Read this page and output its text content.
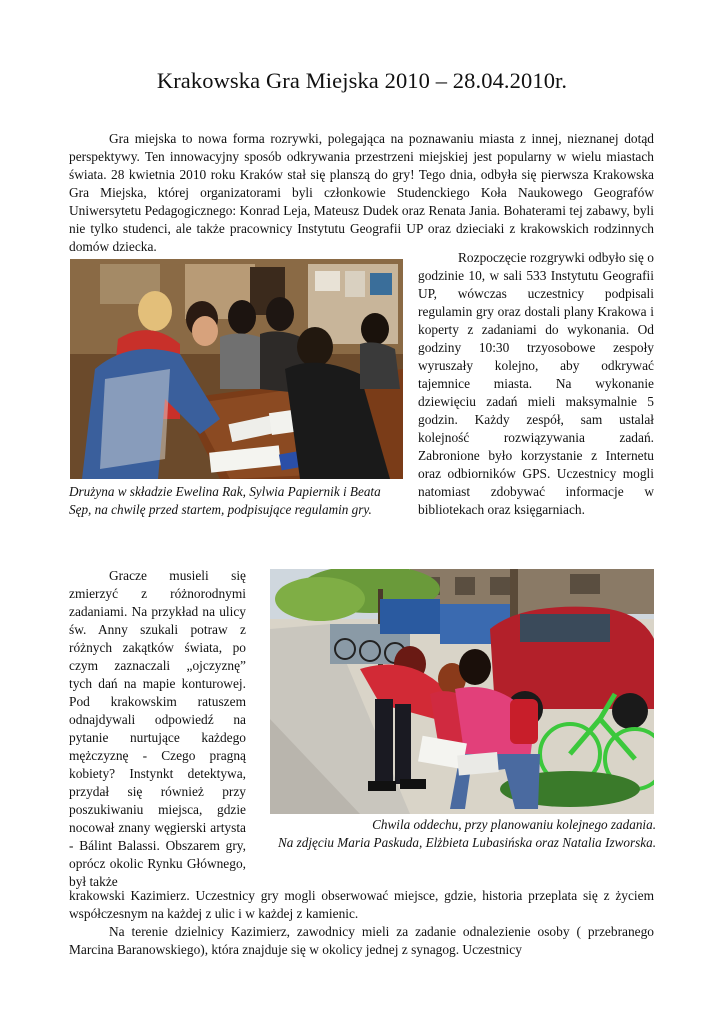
Krakowska Gra Miejska 2010 – 28.04.2010r.

Gra miejska to nowa forma rozrywki, polegająca na poznawaniu miasta z innej, nieznanej dotąd perspektywy. Ten innowacyjny sposób odkrywania przestrzeni miejskiej jest popularny w wielu miastach świata. 28 kwietnia 2010 roku Kraków stał się planszą do gry! Tego dnia, odbyła się pierwsza Krakowska Gra Miejska, której organizatorami byli członkowie Studenckiego Koła Naukowego Geografów Uniwersytetu Pedagogicznego: Konrad Leja, Mateusz Dudek oraz Renata Jania. Bohaterami tej zabawy, byli nie tylko studenci, ale także pracownicy Instytutu Geografii UP oraz dzieciaki z krakowskich rodzinnych domów dziecka.

Rozpoczęcie rozgrywki odbyło się o godzinie 10, w sali 533 Instytutu Geografii UP, wówczas uczestnicy podpisali regulamin gry oraz dostali plany Krakowa i koperty z zadaniami do wykonania. Od godziny 10:30 trzyosobowe zespoły wyruszały kolejno, aby odkrywać tajemnice miasta. Na wykonanie dziewięciu zadań mieli maksymalnie 5 godzin. Każdy zespół, sam ustalał kolejność rozwiązywania zadań. Zabronione było korzystanie z Internetu oraz odbiorników GPS. Uczestnicy mogli natomiast zdobywać informacje w bibliotekach oraz księgarniach.

Drużyna w składzie Ewelina Rak, Sylwia Papiernik i Beata Sęp, na chwilę przed startem, podpisujące regulamin gry.

Gracze musieli się zmierzyć z różnorodnymi zadaniami. Na przykład na ulicy św. Anny szukali potraw z różnych zakątków świata, po czym zaznaczali „ojczyznę” tych dań na mapie konturowej. Pod krakowskim ratuszem odnajdywali odpowiedź na pytanie nurtujące każdego mężczyznę - Czego pragną kobiety? Instynkt detektywa, przydał się również przy poszukiwaniu miejsca, gdzie nocował znany węgierski artysta - Bálint Balassi. Obszarem gry, oprócz okolic Rynku Głównego, był także

Chwila oddechu, przy planowaniu kolejnego zadania.
Na zdjęciu Maria Paskuda, Elżbieta Lubasińska oraz Natalia Izworska.

krakowski Kazimierz. Uczestnicy gry mogli obserwować miejsce, gdzie, historia przeplata się z życiem współczesnym na każdej z ulic i w każdej z kamienic.

Na terenie dzielnicy Kazimierz, zawodnicy mieli za zadanie odnalezienie osoby ( przebranego Marcina Baranowskiego), która znajduje się w okolicy jednej z synagog. Uczestnicy
